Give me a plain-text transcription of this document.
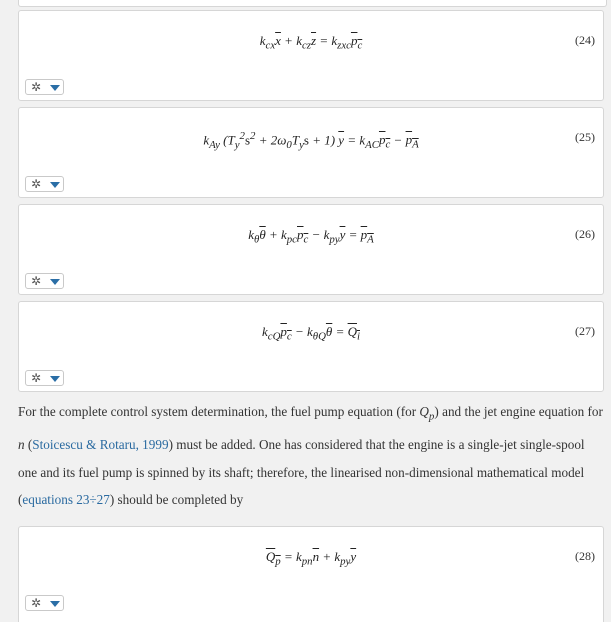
$k_{cx}\overline{x} + k_{cz}\overline{z} = k_{zxc}p_c$	(24)
✲
$k_{Ay}$ $(T_y^2s^2 + 2\omega_0T_ys + 1) \overline{y} = k_{AC}p_c - p_A$
(25)
✲
$k_\theta\overline{\theta} + k_{pc}p_c - k_{py}\overline{y} = p_A$	(26)
✲
$k_{cQ}p_c - k_{\theta Q}\overline{\theta} = Q_i$	(27)
✲

For the complete control system determination, the fuel pump equation (for $Q_p$) and the jet engine equation for n (Stoicescu & Rotaru, 1999) must be added. One has considered that the engine is a single-jet single-spool one and its fuel pump is spinned by its shaft; therefore, the linearised non-dimensional mathematical model (equations 23÷27) should be completed by

$Q_p = k_{pn}\overline{n} + k_{py}\overline{y}$	(28)
✲
